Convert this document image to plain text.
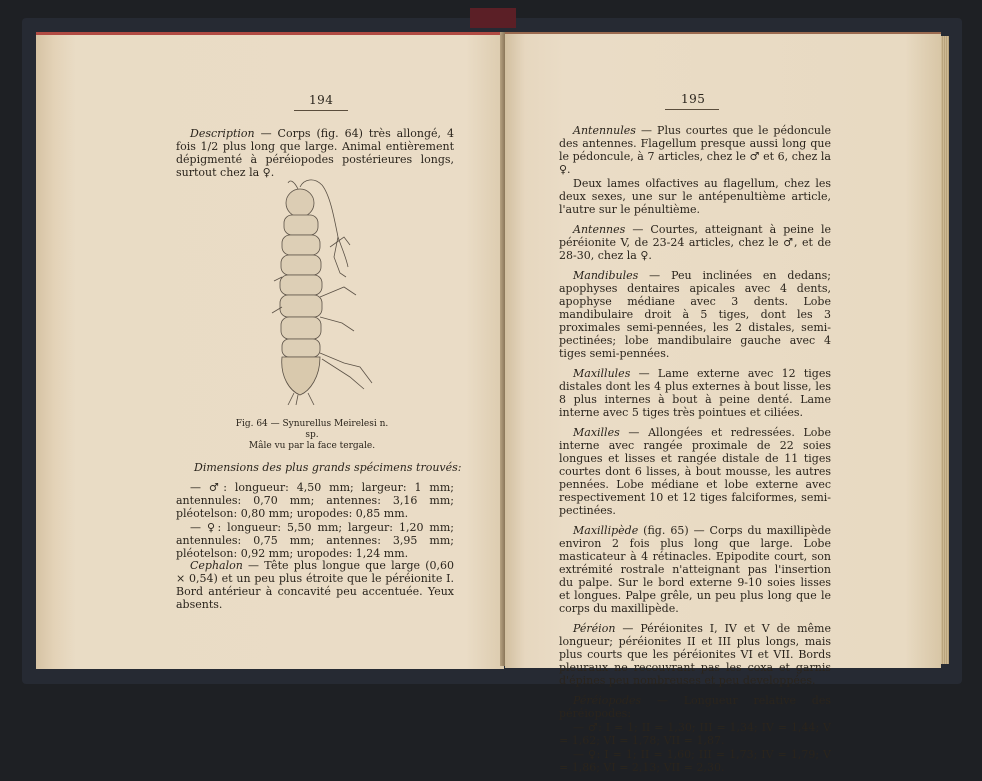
194

Description — Corps (fig. 64) très allongé, 4 fois 1/2 plus long que large. Animal entièrement dépigmenté à péréiopodes postérieures longs, surtout chez la ♀.

Fig. 64 — Synurellus Meirelesi n. sp.
Mâle vu par la face tergale.
Dimensions des plus grands spécimens trouvés:

— ♂: longueur: 4,50 mm; largeur: 1 mm; antennules: 0,70 mm; antennes: 3,16 mm; pléotelson: 0,80 mm; uropodes: 0,85 mm.

— ♀: longueur: 5,50 mm; largeur: 1,20 mm; antennules: 0,75 mm; antennes: 3,95 mm; pléotelson: 0,92 mm; uropodes: 1,24 mm.

Cephalon — Tête plus longue que large (0,60 × 0,54) et un peu plus étroite que le péréionite I. Bord antérieur à concavité peu accentuée. Yeux absents.

195

Antennules — Plus courtes que le pédoncule des antennes. Flagellum presque aussi long que le pédoncule, à 7 articles, chez le ♂ et 6, chez la ♀.

Deux lames olfactives au flagellum, chez les deux sexes, une sur le antépenultième article, l'autre sur le pénultième.

Antennes — Courtes, atteignant à peine le péréionite V, de 23-24 articles, chez le ♂, et de 28-30, chez la ♀.

Mandibules — Peu inclinées en dedans; apophyses dentaires apicales avec 4 dents, apophyse médiane avec 3 dents. Lobe mandibulaire droit à 5 tiges, dont les 3 proximales semi-pennées, les 2 distales, semi-pectinées; lobe mandibulaire gauche avec 4 tiges semi-pennées.

Maxillules — Lame externe avec 12 tiges distales dont les 4 plus externes à bout lisse, les 8 plus internes à bout à peine denté. Lame interne avec 5 tiges très pointues et ciliées.

Maxilles — Allongées et redressées. Lobe interne avec rangée proximale de 22 soies longues et lisses et rangée distale de 11 tiges courtes dont 6 lisses, à bout mousse, les autres pennées. Lobe médiane et lobe externe avec respectivement 10 et 12 tiges falciformes, semi-pectinées.

Maxillipède (fig. 65) — Corps du maxillipède environ 2 fois plus long que large. Lobe masticateur à 4 rétinacles. Epipodite court, son extrémité rostrale n'atteignant pas l'insertion du palpe. Sur le bord externe 9-10 soies lisses et longues. Palpe grêle, un peu plus long que le corps du maxillipède.

Péréion — Péréionites I, IV et V de même longueur; péréionites II et III plus longs, mais plus courts que les péréionites VI et VII. Bords pleuraux ne recouvrant pas les coxa et garnis d'épines peu nombreuses et peu developpées.

Péréiopodes — Longueur relative des péréiopodes:

— ♂: I = 1; II = 1,30; III = 1,34; IV = 1,44; V = 1,62; VI = 1,78; VII = 1,87.

— ♀: I = 1; II = 1,60; III = 1,73; IV = 1,79; V = 1,86; VI = 2,13; VII = 2,30.
